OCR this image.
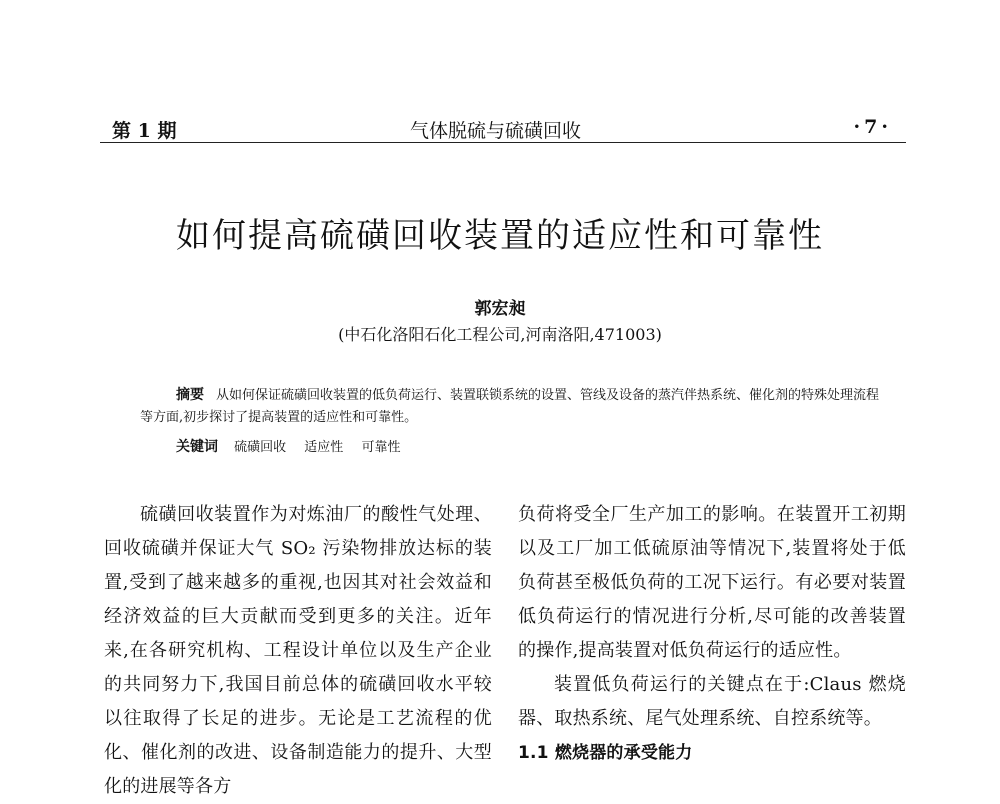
第 1 期	气体脱硫与硫磺回收	·7·
如何提高硫磺回收装置的适应性和可靠性
郭宏昶
(中石化洛阳石化工程公司,河南洛阳,471003)
摘要 从如何保证硫磺回收装置的低负荷运行、装置联锁系统的设置、管线及设备的蒸汽伴热系统、催化剂的特殊处理流程等方面,初步探讨了提高装置的适应性和可靠性。
关键词 硫磺回收 适应性 可靠性

硫磺回收装置作为对炼油厂的酸性气处理、回收硫磺并保证大气 SO₂ 污染物排放达标的装置,受到了越来越多的重视,也因其对社会效益和经济效益的巨大贡献而受到更多的关注。近年来,在各研究机构、工程设计单位以及生产企业的共同努力下,我国目前总体的硫磺回收水平较以往取得了长足的进步。无论是工艺流程的优化、催化剂的改进、设备制造能力的提升、大型化的进展等各方

负荷将受全厂生产加工的影响。在装置开工初期以及工厂加工低硫原油等情况下,装置将处于低负荷甚至极低负荷的工况下运行。有必要对装置低负荷运行的情况进行分析,尽可能的改善装置的操作,提高装置对低负荷运行的适应性。

装置低负荷运行的关键点在于:Claus 燃烧器、取热系统、尾气处理系统、自控系统等。

1.1 燃烧器的承受能力
